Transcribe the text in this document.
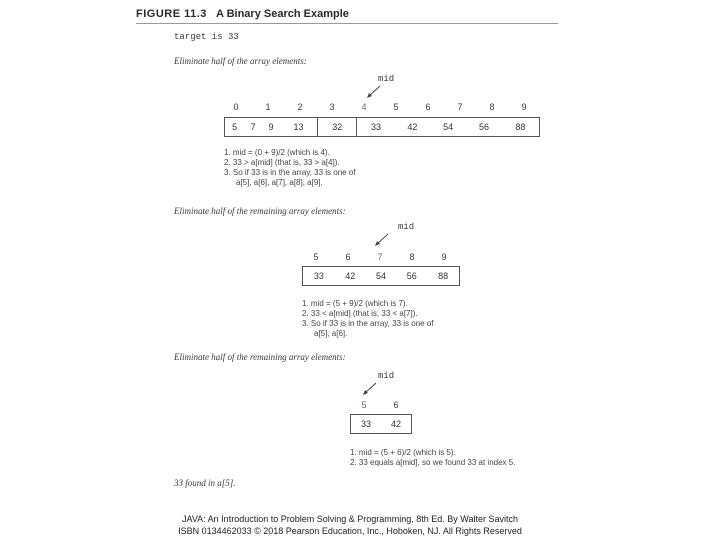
FIGURE 11.3 A Binary Search Example
target is 33
Eliminate half of the array elements:
mid
0	1	2	3	4	5	6	7	8	9
5	7	9	13	32	33	42	54	56	88
1. mid = (0 + 9)/2 (which is 4).
2. 33 > a[mid] (that is, 33 > a[4]).
3. So if 33 is in the array, 33 is one of
a[5], a[6], a[7], a[8], a[9].
Eliminate half of the remaining array elements:
mid
5	6	7	8	9
33	42	54	56	88
1. mid = (5 + 9)/2 (which is 7).
2. 33 < a[mid] (that is, 33 < a[7]).
3. So if 33 is in the array, 33 is one of
a[5], a[6].
Eliminate half of the remaining array elements:
mid
5	6
33	42
1. mid = (5 + 6)/2 (which is 5).
2. 33 equals a[mid], so we found 33 at index 5.
33 found in a[5].
JAVA: An Introduction to Problem Solving & Programming, 8th Ed. By Walter Savitch
ISBN 0134462033 © 2018 Pearson Education, Inc., Hoboken, NJ. All Rights Reserved
